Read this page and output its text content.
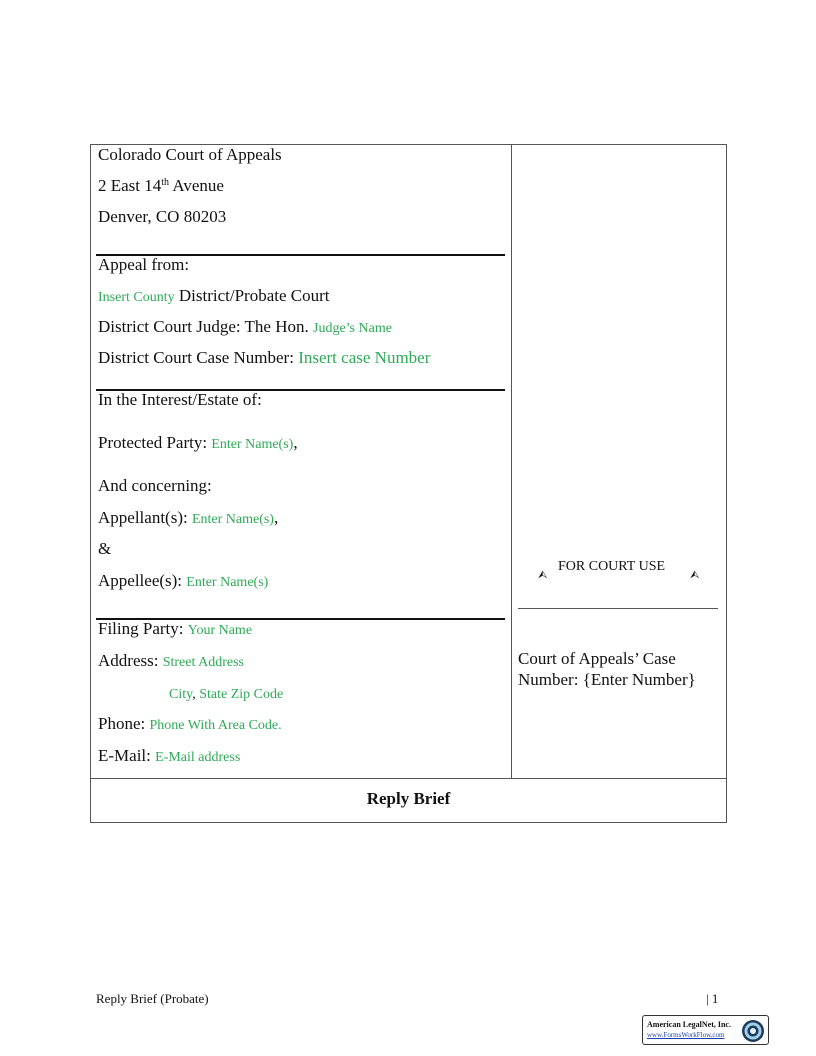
Colorado Court of Appeals
2 East 14th Avenue
Denver, CO 80203
Appeal from:
Insert County District/Probate Court
District Court Judge: The Hon. Judge’s Name
District Court Case Number: Insert case Number
In the Interest/Estate of:
Protected Party: Enter Name(s),
And concerning:
Appellant(s): Enter Name(s),
&
Appellee(s): Enter Name(s)
Filing Party: Your Name
Address: Street Address
City, State Zip Code
Phone: Phone With Area Code.
E-Mail: E-Mail address
⮙
FOR COURT USE
⮙
Court of Appeals’ Case Number: {Enter Number}
Reply Brief
Reply Brief (Probate)	| 1
American LegalNet, Inc.
www.FormsWorkFlow.com
